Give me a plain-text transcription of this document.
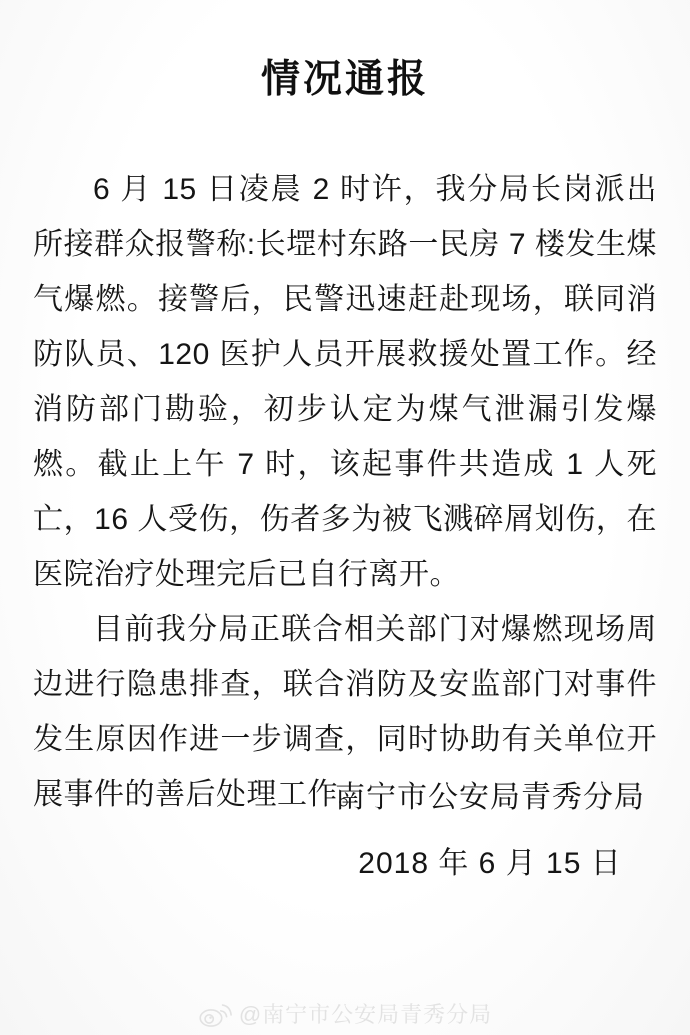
情况通报

6 月 15 日凌晨 2 时许，我分局长岗派出所接群众报警称:长堽村东路一民房 7 楼发生煤气爆燃。接警后，民警迅速赶赴现场，联同消防队员、120 医护人员开展救援处置工作。经消防部门勘验，初步认定为煤气泄漏引发爆燃。截止上午 7 时，该起事件共造成 1 人死亡，16 人受伤，伤者多为被飞溅碎屑划伤，在医院治疗处理完后已自行离开。

目前我分局正联合相关部门对爆燃现场周边进行隐患排查，联合消防及安监部门对事件发生原因作进一步调查，同时协助有关单位开展事件的善后处理工作。

南宁市公安局青秀分局
2018 年 6 月 15 日
@南宁市公安局青秀分局
